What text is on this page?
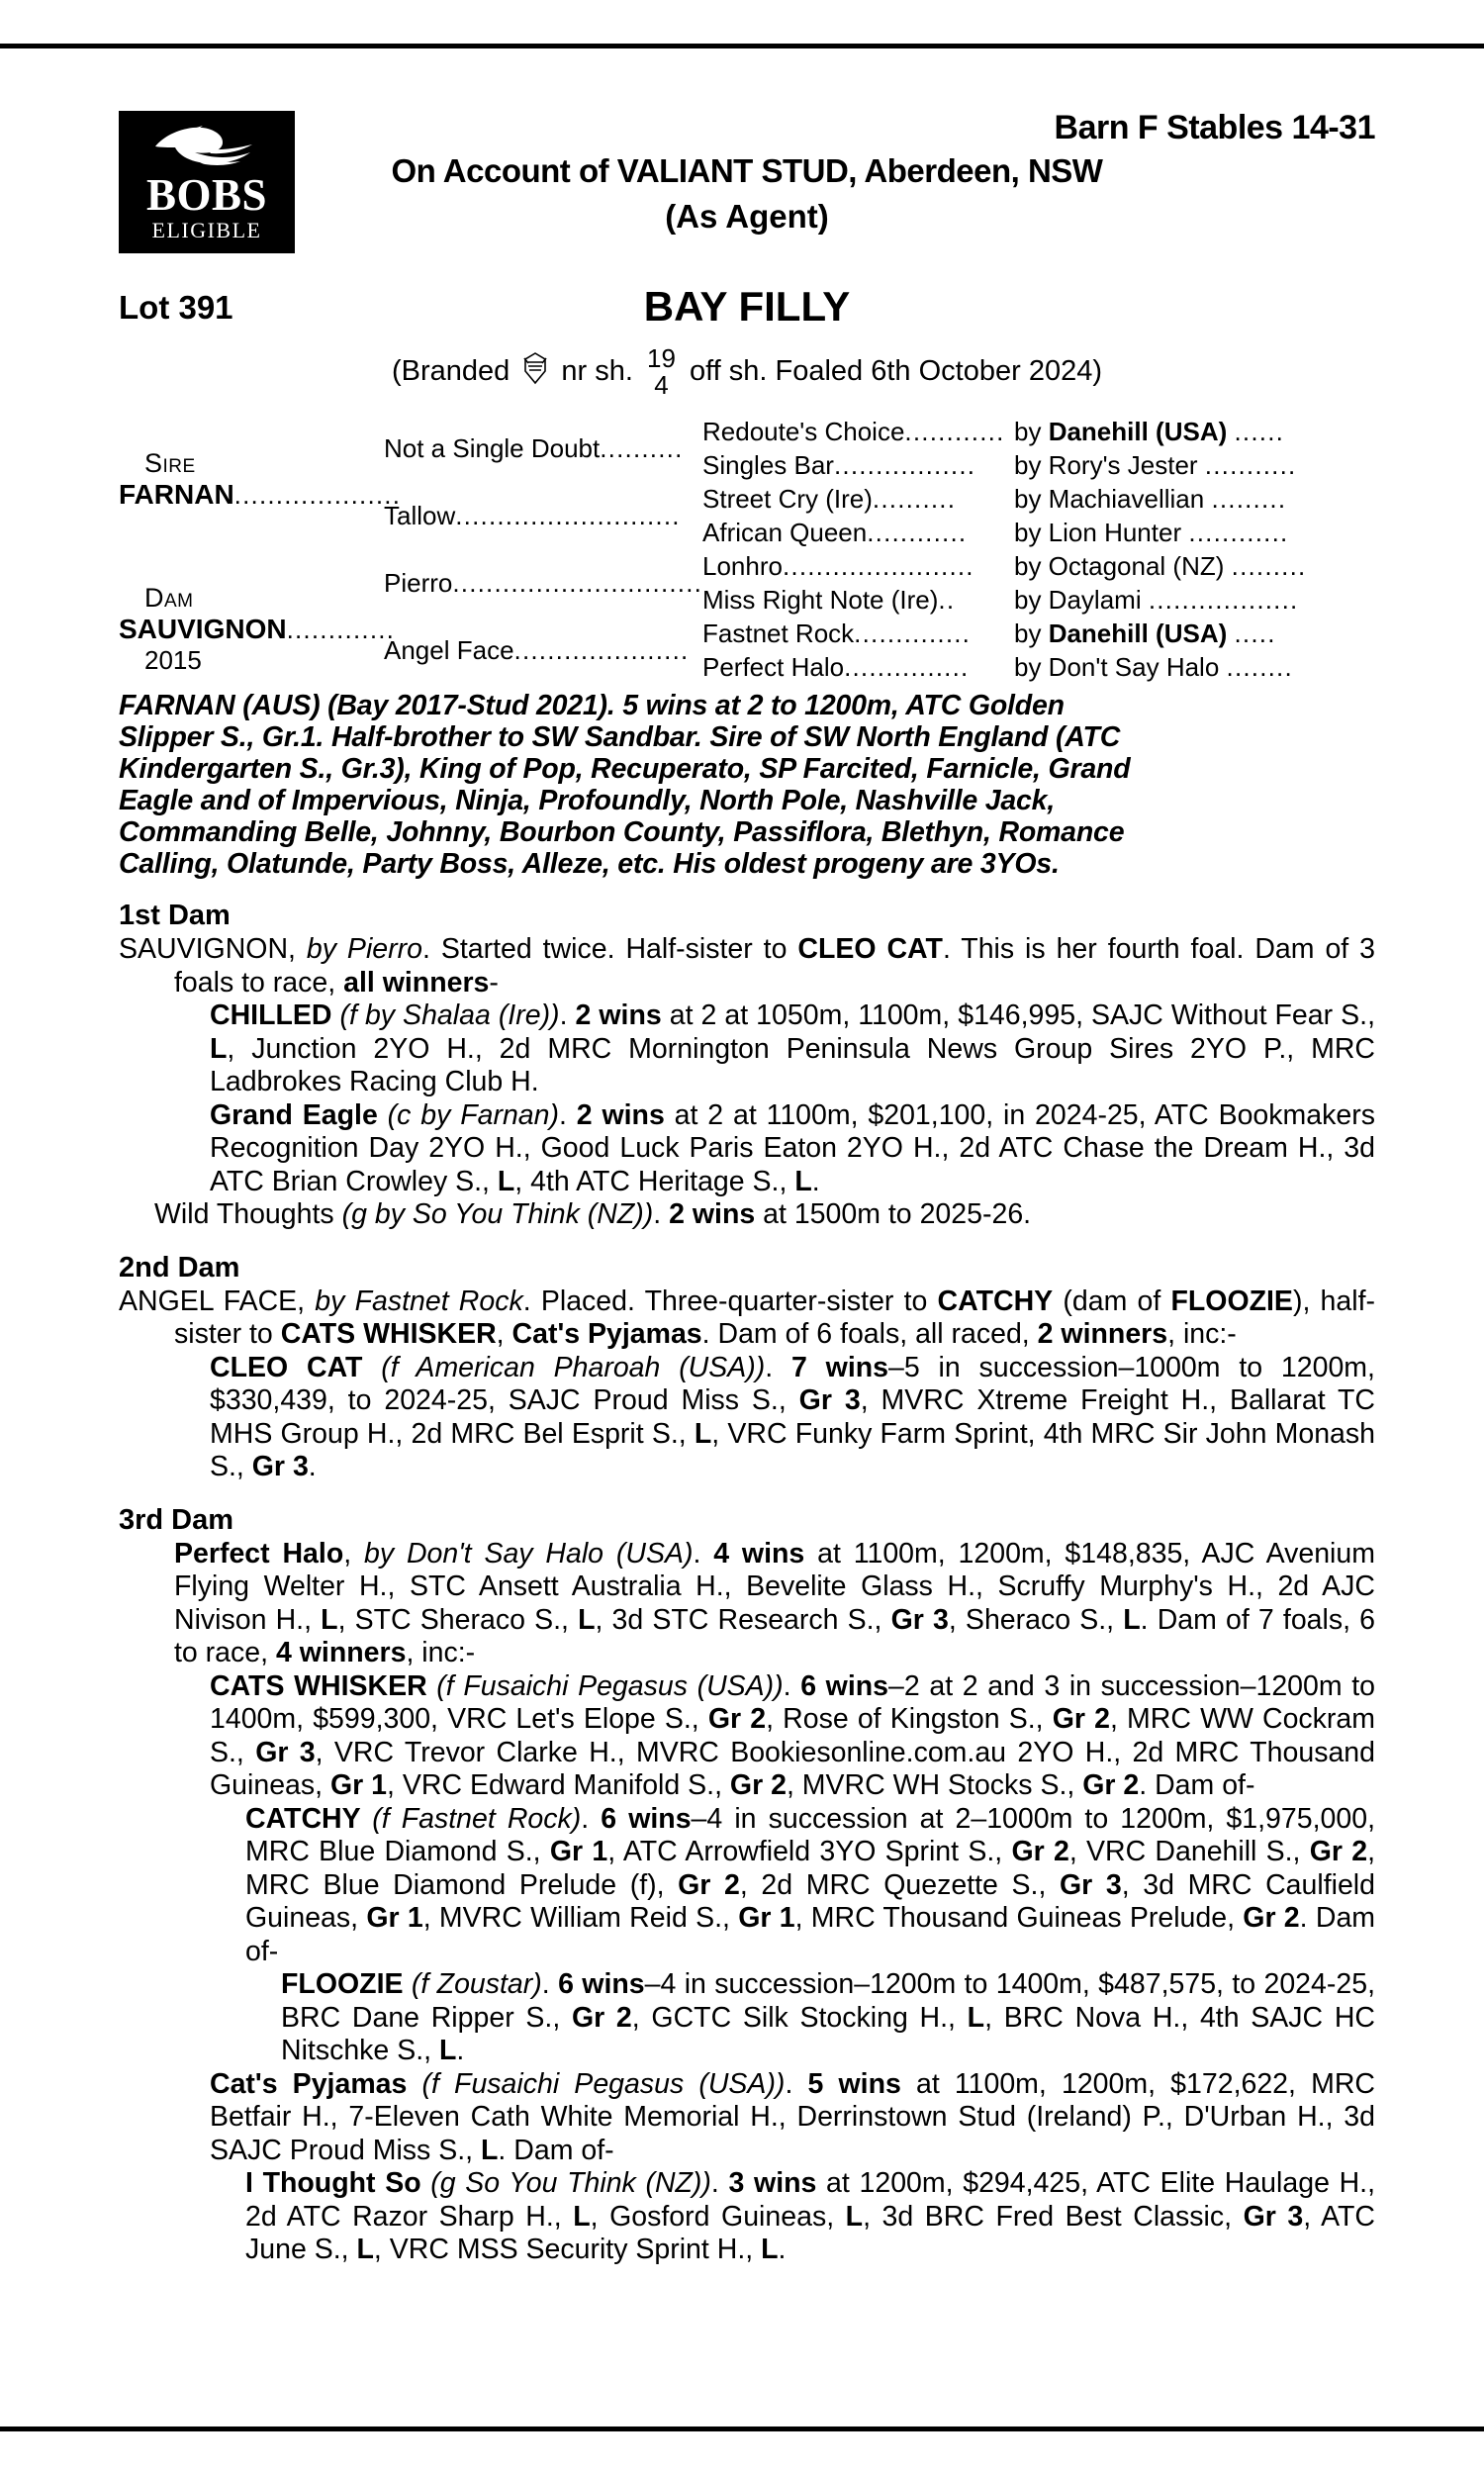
BOBS
ELIGIBLE
Barn F Stables 14-31
On Account of VALIANT STUD, Aberdeen, NSW
(As Agent)
Lot 391	BAY FILLY
(Branded nr sh. 19
4 off sh. Foaled 6th October 2024)
Sire
FARNAN....................
Dam
SAUVIGNON.............
2015
Not a Single Doubt..........
Tallow...........................
Pierro..............................
Angel Face.....................
Redoute's Choice............
Singles Bar.................
Street Cry (Ire)..........
African Queen............
Lonhro.......................
Miss Right Note (Ire)..
Fastnet Rock..............
Perfect Halo...............
by Danehill (USA) ......
by Rory's Jester ...........
by Machiavellian .........
by Lion Hunter ............
by Octagonal (NZ) .........
by Daylami ..................
by Danehill (USA) .....
by Don't Say Halo ........
FARNAN (AUS) (Bay 2017-Stud 2021). 5 wins at 2 to 1200m, ATC Golden
Slipper S., Gr.1. Half-brother to SW Sandbar. Sire of SW North England (ATC
Kindergarten S., Gr.3), King of Pop, Recuperato, SP Farcited, Farnicle, Grand
Eagle and of Impervious, Ninja, Profoundly, North Pole, Nashville Jack,
Commanding Belle, Johnny, Bourbon County, Passiflora, Blethyn, Romance
Calling, Olatunde, Party Boss, Alleze, etc. His oldest progeny are 3YOs.
1st Dam
SAUVIGNON, by Pierro. Started twice. Half-sister to CLEO CAT. This is her fourth foal. Dam of 3 foals to race, all winners-
CHILLED (f by Shalaa (Ire)). 2 wins at 2 at 1050m, 1100m, $146,995, SAJC Without Fear S., L, Junction 2YO H., 2d MRC Mornington Peninsula News Group Sires 2YO P., MRC Ladbrokes Racing Club H.
Grand Eagle (c by Farnan). 2 wins at 2 at 1100m, $201,100, in 2024-25, ATC Bookmakers Recognition Day 2YO H., Good Luck Paris Eaton 2YO H., 2d ATC Chase the Dream H., 3d ATC Brian Crowley S., L, 4th ATC Heritage S., L.
Wild Thoughts (g by So You Think (NZ)). 2 wins at 1500m to 2025-26.
2nd Dam
ANGEL FACE, by Fastnet Rock. Placed. Three-quarter-sister to CATCHY (dam of FLOOZIE), half-sister to CATS WHISKER, Cat's Pyjamas. Dam of 6 foals, all raced, 2 winners, inc:-
CLEO CAT (f American Pharoah (USA)). 7 wins–5 in succession–1000m to 1200m, $330,439, to 2024-25, SAJC Proud Miss S., Gr 3, MVRC Xtreme Freight H., Ballarat TC MHS Group H., 2d MRC Bel Esprit S., L, VRC Funky Farm Sprint, 4th MRC Sir John Monash S., Gr 3.
3rd Dam
Perfect Halo, by Don't Say Halo (USA). 4 wins at 1100m, 1200m, $148,835, AJC Avenium Flying Welter H., STC Ansett Australia H., Bevelite Glass H., Scruffy Murphy's H., 2d AJC Nivison H., L, STC Sheraco S., L, 3d STC Research S., Gr 3, Sheraco S., L. Dam of 7 foals, 6 to race, 4 winners, inc:-
CATS WHISKER (f Fusaichi Pegasus (USA)). 6 wins–2 at 2 and 3 in succession–1200m to 1400m, $599,300, VRC Let's Elope S., Gr 2, Rose of Kingston S., Gr 2, MRC WW Cockram S., Gr 3, VRC Trevor Clarke H., MVRC Bookiesonline.com.au 2YO H., 2d MRC Thousand Guineas, Gr 1, VRC Edward Manifold S., Gr 2, MVRC WH Stocks S., Gr 2. Dam of-
CATCHY (f Fastnet Rock). 6 wins–4 in succession at 2–1000m to 1200m, $1,975,000, MRC Blue Diamond S., Gr 1, ATC Arrowfield 3YO Sprint S., Gr 2, VRC Danehill S., Gr 2, MRC Blue Diamond Prelude (f), Gr 2, 2d MRC Quezette S., Gr 3, 3d MRC Caulfield Guineas, Gr 1, MVRC William Reid S., Gr 1, MRC Thousand Guineas Prelude, Gr 2. Dam of-
FLOOZIE (f Zoustar). 6 wins–4 in succession–1200m to 1400m, $487,575, to 2024-25, BRC Dane Ripper S., Gr 2, GCTC Silk Stocking H., L, BRC Nova H., 4th SAJC HC Nitschke S., L.
Cat's Pyjamas (f Fusaichi Pegasus (USA)). 5 wins at 1100m, 1200m, $172,622, MRC Betfair H., 7-Eleven Cath White Memorial H., Derrinstown Stud (Ireland) P., D'Urban H., 3d SAJC Proud Miss S., L. Dam of-
I Thought So (g So You Think (NZ)). 3 wins at 1200m, $294,425, ATC Elite Haulage H., 2d ATC Razor Sharp H., L, Gosford Guineas, L, 3d BRC Fred Best Classic, Gr 3, ATC June S., L, VRC MSS Security Sprint H., L.
